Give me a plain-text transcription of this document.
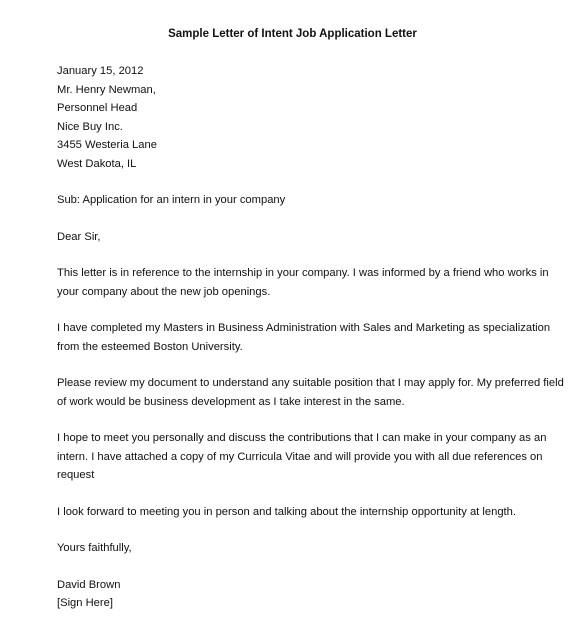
Sample Letter of Intent Job Application Letter
January 15, 2012
Mr. Henry Newman,
Personnel Head
Nice Buy Inc.
3455 Westeria Lane
West Dakota, IL
Sub: Application for an intern in your company
Dear Sir,
This letter is in reference to the internship in your company. I was informed by a friend who works in
your company about the new job openings.
I have completed my Masters in Business Administration with Sales and Marketing as specialization
from the esteemed Boston University.
Please review my document to understand any suitable position that I may apply for. My preferred field
of work would be business development as I take interest in the same.
I hope to meet you personally and discuss the contributions that I can make in your company as an
intern. I have attached a copy of my Curricula Vitae and will provide you with all due references on
request
I look forward to meeting you in person and talking about the internship opportunity at length.
Yours faithfully,
David Brown
[Sign Here]
